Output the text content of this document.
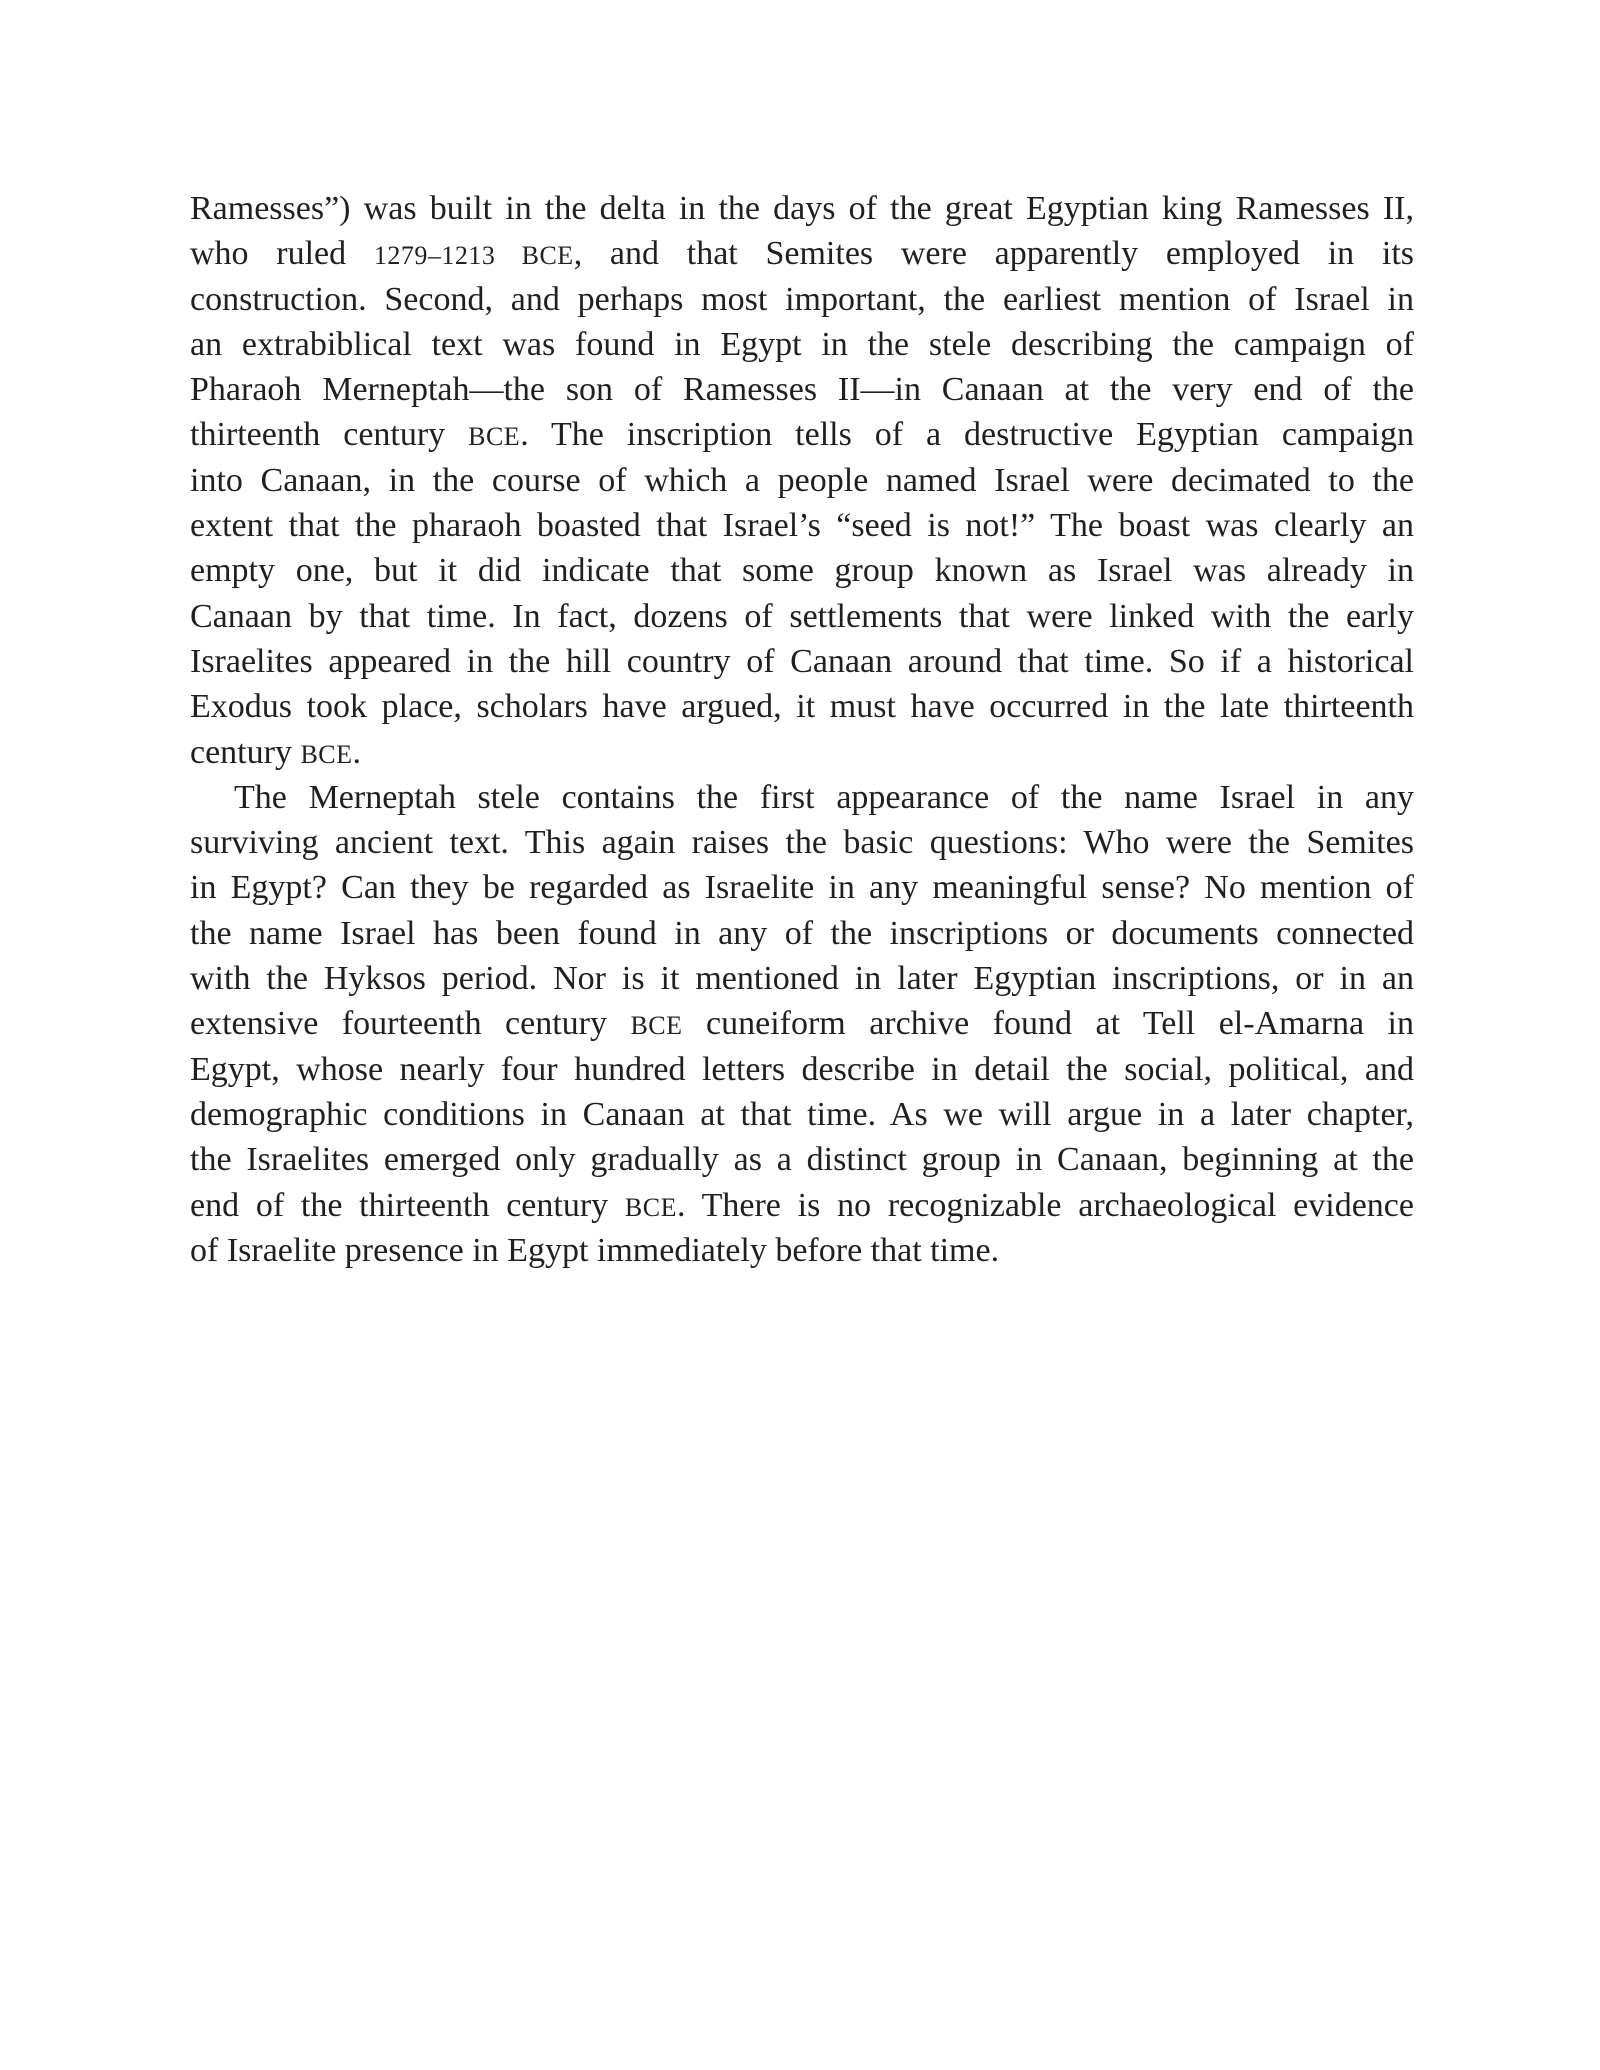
Ramesses”) was built in the delta in the days of the great Egyptian king Ramesses II,
who ruled 1279–1213 BCE, and that Semites were apparently employed in its
construction. Second, and perhaps most important, the earliest mention of Israel in
an extrabiblical text was found in Egypt in the stele describing the campaign of
Pharaoh Merneptah—the son of Ramesses II—in Canaan at the very end of the
thirteenth century BCE. The inscription tells of a destructive Egyptian campaign
into Canaan, in the course of which a people named Israel were decimated to the
extent that the pharaoh boasted that Israel’s “seed is not!” The boast was clearly an
empty one, but it did indicate that some group known as Israel was already in
Canaan by that time. In fact, dozens of settlements that were linked with the early
Israelites appeared in the hill country of Canaan around that time. So if a historical
Exodus took place, scholars have argued, it must have occurred in the late thirteenth
century BCE.
The Merneptah stele contains the first appearance of the name Israel in any
surviving ancient text. This again raises the basic questions: Who were the Semites
in Egypt? Can they be regarded as Israelite in any meaningful sense? No mention of
the name Israel has been found in any of the inscriptions or documents connected
with the Hyksos period. Nor is it mentioned in later Egyptian inscriptions, or in an
extensive fourteenth century BCE cuneiform archive found at Tell el-Amarna in
Egypt, whose nearly four hundred letters describe in detail the social, political, and
demographic conditions in Canaan at that time. As we will argue in a later chapter,
the Israelites emerged only gradually as a distinct group in Canaan, beginning at the
end of the thirteenth century BCE. There is no recognizable archaeological evidence
of Israelite presence in Egypt immediately before that time.
